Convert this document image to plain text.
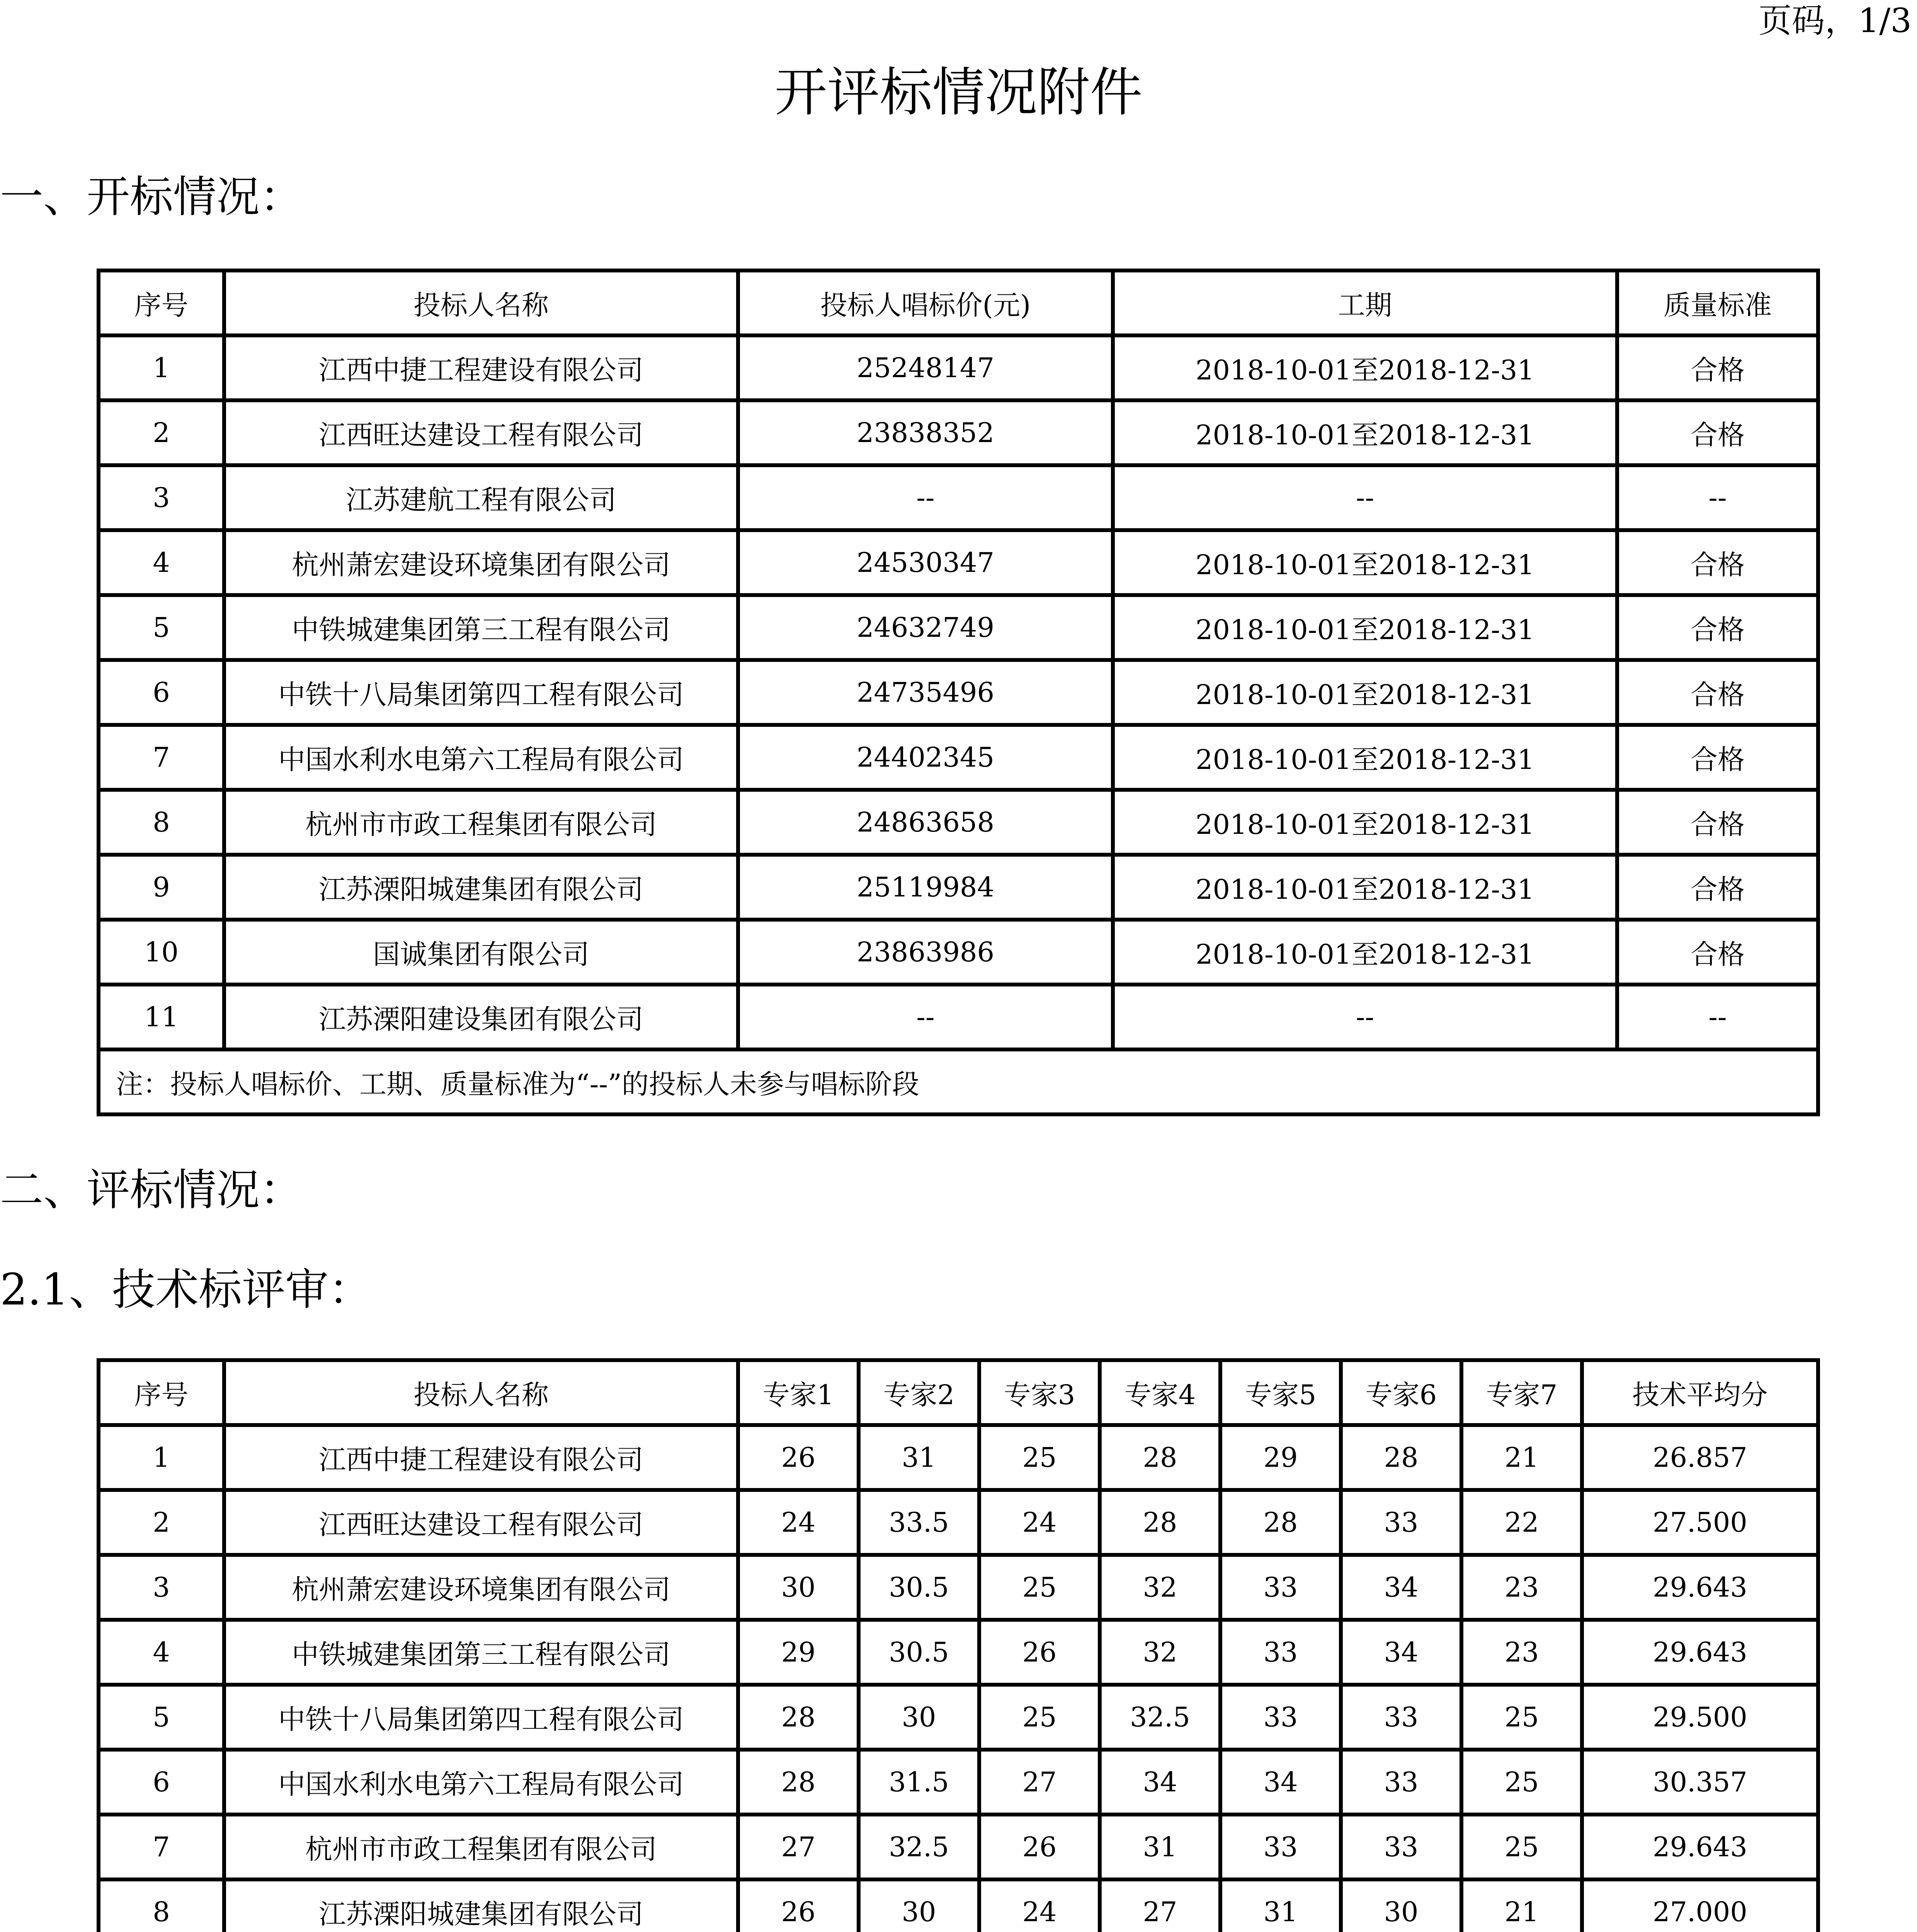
页码，1/3
开评标情况附件
一、开标情况：
序号	投标人名称	投标人唱标价(元)	工期	质量标准
1	江西中捷工程建设有限公司	25248147	2018-10-01至2018-12-31	合格
2	江西旺达建设工程有限公司	23838352	2018-10-01至2018-12-31	合格
3	江苏建航工程有限公司	--	--	--
4	杭州萧宏建设环境集团有限公司	24530347	2018-10-01至2018-12-31	合格
5	中铁城建集团第三工程有限公司	24632749	2018-10-01至2018-12-31	合格
6	中铁十八局集团第四工程有限公司	24735496	2018-10-01至2018-12-31	合格
7	中国水利水电第六工程局有限公司	24402345	2018-10-01至2018-12-31	合格
8	杭州市市政工程集团有限公司	24863658	2018-10-01至2018-12-31	合格
9	江苏溧阳城建集团有限公司	25119984	2018-10-01至2018-12-31	合格
10	国诚集团有限公司	23863986	2018-10-01至2018-12-31	合格
11	江苏溧阳建设集团有限公司	--	--	--
注：投标人唱标价、工期、质量标准为“--”的投标人未参与唱标阶段				
二、评标情况：
2.1、技术标评审：
序号	投标人名称	专家1	专家2	专家3	专家4	专家5	专家6	专家7	技术平均分
1	江西中捷工程建设有限公司	26	31	25	28	29	28	21	26.857
2	江西旺达建设工程有限公司	24	33.5	24	28	28	33	22	27.500
3	杭州萧宏建设环境集团有限公司	30	30.5	25	32	33	34	23	29.643
4	中铁城建集团第三工程有限公司	29	30.5	26	32	33	34	23	29.643
5	中铁十八局集团第四工程有限公司	28	30	25	32.5	33	33	25	29.500
6	中国水利水电第六工程局有限公司	28	31.5	27	34	34	33	25	30.357
7	杭州市市政工程集团有限公司	27	32.5	26	31	33	33	25	29.643
8	江苏溧阳城建集团有限公司	26	30	24	27	31	30	21	27.000
